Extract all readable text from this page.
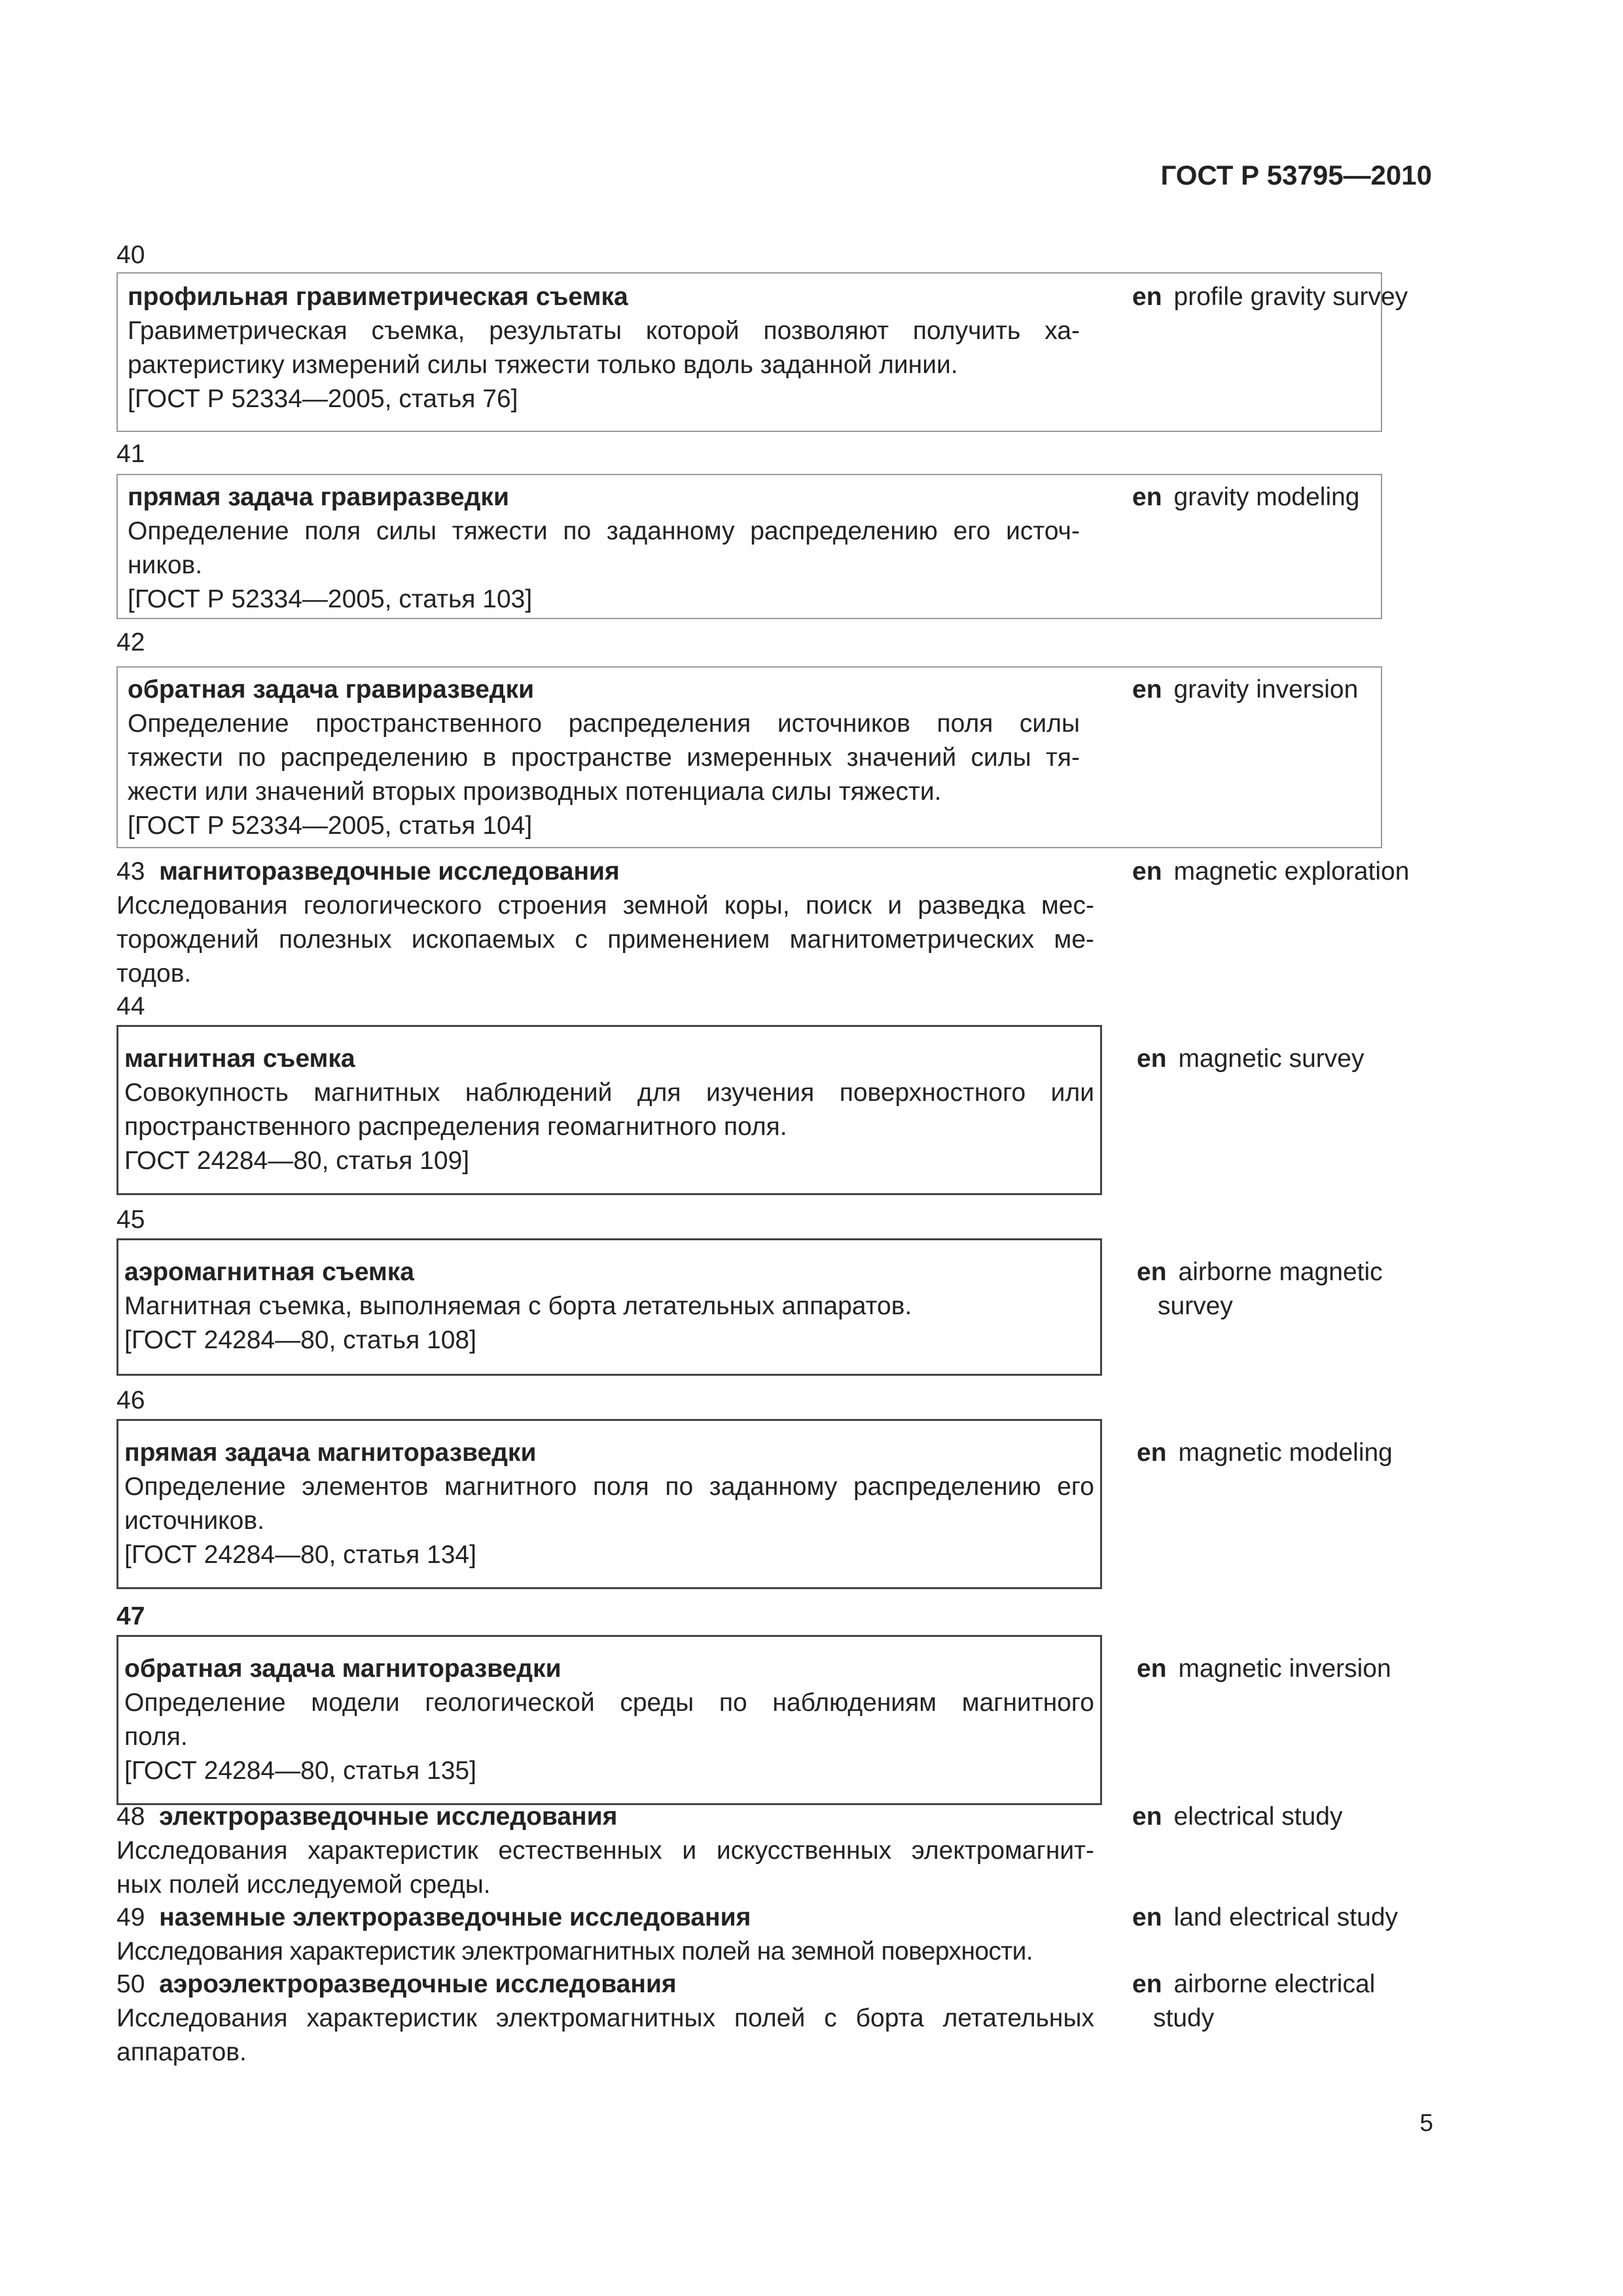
ГОСТ Р 53795—2010
40
профильная гравиметрическая съемка
Гравиметрическая съемка, результаты которой позволяют получить ха-
рактеристику измерений силы тяжести только вдоль заданной линии.
[ГОСТ Р 52334—2005, статья 76]
en profile gravity survey
41
прямая задача гравиразведки
Определение поля силы тяжести по заданному распределению его источ-
ников.
[ГОСТ Р 52334—2005, статья 103]
en gravity modeling
42
обратная задача гравиразведки
Определение пространственного распределения источников поля силы
тяжести по распределению в пространстве измеренных значений силы тя-
жести или значений вторых производных потенциала силы тяжести.
[ГОСТ Р 52334—2005, статья 104]
en gravity inversion
43 магниторазведочные исследования
Исследования геологического строения земной коры, поиск и разведка мес-
торождений полезных ископаемых с применением магнитометрических ме-
тодов.
en magnetic exploration
44
магнитная съемка
Совокупность магнитных наблюдений для изучения поверхностного или
пространственного распределения геомагнитного поля.
ГОСТ 24284—80, статья 109]
en magnetic survey
45
аэромагнитная съемка
Магнитная съемка, выполняемая с борта летательных аппаратов.
[ГОСТ 24284—80, статья 108]
en airborne magnetic
survey
46
прямая задача магниторазведки
Определение элементов магнитного поля по заданному распределению его
источников.
[ГОСТ 24284—80, статья 134]
en magnetic modeling
47
обратная задача магниторазведки
Определение модели геологической среды по наблюдениям магнитного
поля.
[ГОСТ 24284—80, статья 135]
en magnetic inversion
48 электроразведочные исследования
Исследования характеристик естественных и искусственных электромагнит-
ных полей исследуемой среды.
en electrical study
49 наземные электроразведочные исследования
Исследования характеристик электромагнитных полей на земной поверхности.
en land electrical study
50 аэроэлектроразведочные исследования
Исследования характеристик электромагнитных полей с борта летательных
аппаратов.
en airborne electrical
study
5
